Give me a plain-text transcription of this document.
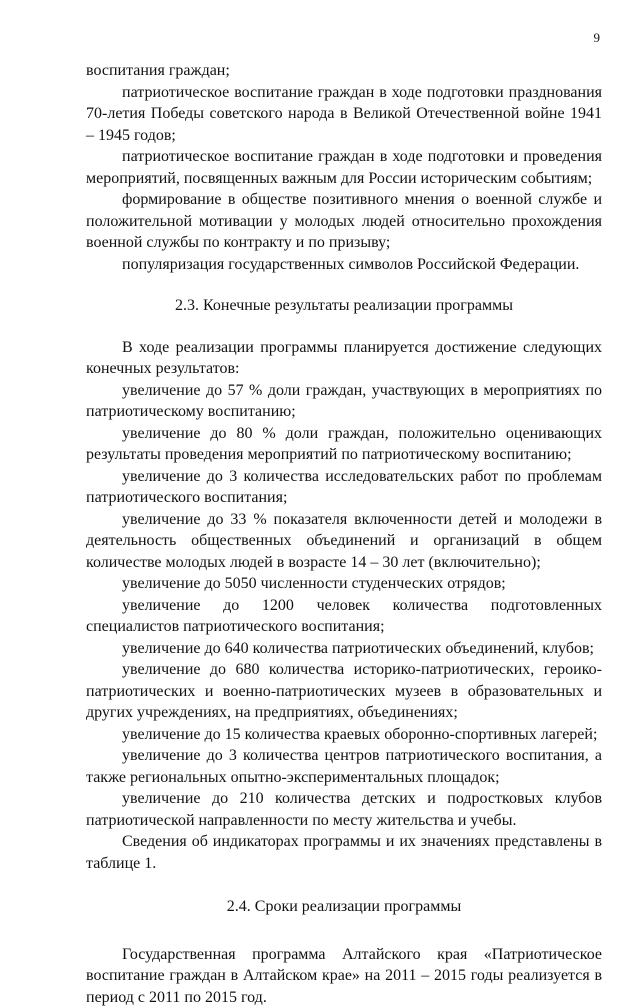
9

воспитания граждан;

патриотическое воспитание граждан в ходе подготовки празднования 70-летия Победы советского народа в Великой Отечественной войне 1941 – 1945 годов;

патриотическое воспитание граждан в ходе подготовки и проведения мероприятий, посвященных важным для России историческим событиям;

формирование в обществе позитивного мнения о военной службе и положительной мотивации у молодых людей относительно прохождения военной службы по контракту и по призыву;

популяризация государственных символов Российской Федерации.

2.3. Конечные результаты реализации программы

В ходе реализации программы планируется достижение следующих конечных результатов:

увеличение до 57 % доли граждан, участвующих в мероприятиях по патриотическому воспитанию;

увеличение до 80 % доли граждан, положительно оценивающих результаты проведения мероприятий по патриотическому воспитанию;

увеличение до 3 количества исследовательских работ по проблемам патриотического воспитания;

увеличение до 33 % показателя включенности детей и молодежи в деятельность общественных объединений и организаций в общем количестве молодых людей в возрасте 14 – 30 лет (включительно);

увеличение до 5050 численности студенческих отрядов;

увеличение до 1200 человек количества подготовленных специалистов патриотического воспитания;

увеличение до 640 количества патриотических объединений, клубов;

увеличение до 680 количества историко-патриотических, героико-патриотических и военно-патриотических музеев в образовательных и других учреждениях, на предприятиях, объединениях;

увеличение до 15 количества краевых оборонно-спортивных лагерей;

увеличение до 3 количества центров патриотического воспитания, а также региональных опытно-экспериментальных площадок;

увеличение до 210 количества детских и подростковых клубов патриотической направленности по месту жительства и учебы.

Сведения об индикаторах программы и их значениях представлены в таблице 1.

2.4. Сроки реализации программы

Государственная программа Алтайского края «Патриотическое воспитание граждан в Алтайском крае» на 2011 – 2015 годы реализуется в период с 2011 по 2015 год.
